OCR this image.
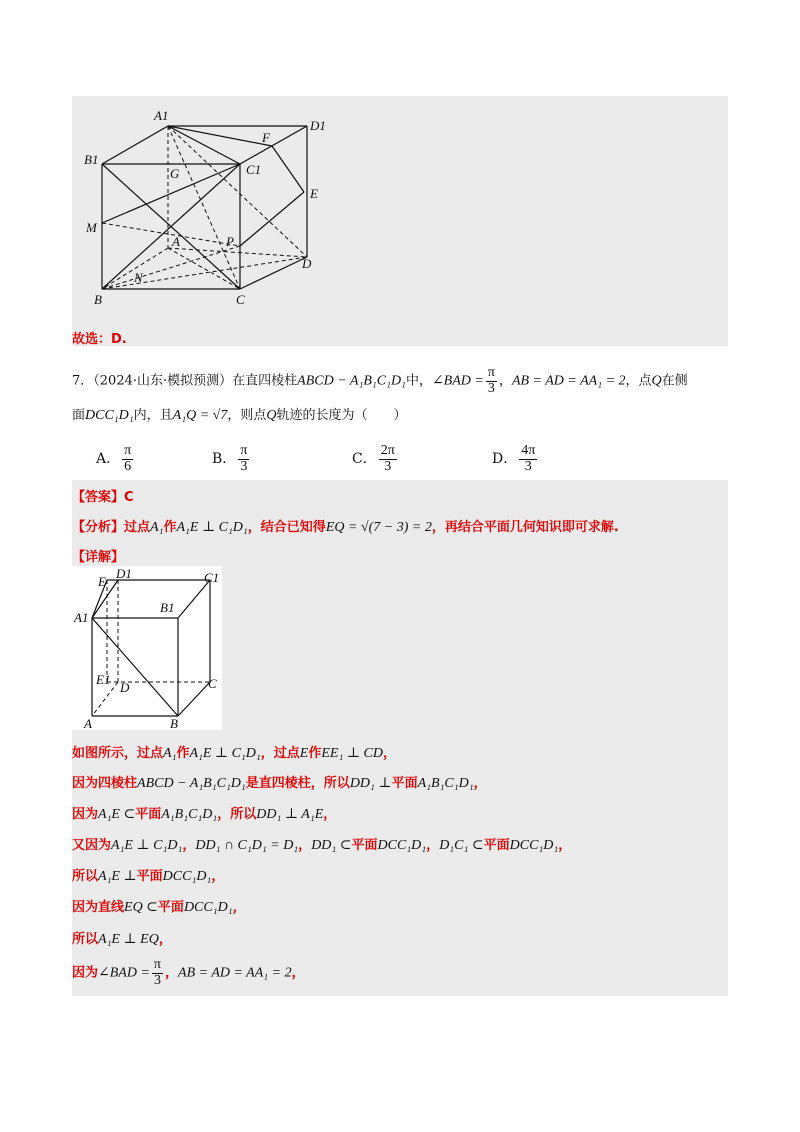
A1
D1
F
B1
C1
G
E
M
A	P
D
N
B	C
故选：D.
7．（2024·山东·模拟预测）在直四棱柱ABCD − A₁B₁C₁D₁中，∠BAD = $\frac{\pi}{3}$ ，AB = AD = AA₁ = 2，点Q在侧
面DCC₁D₁内，且A₁Q = √7，则点Q轨迹的长度为（　　）
A． $\frac{\pi}{6}$	B． $\frac{\pi}{3}$	C． $\frac{2\pi}{3}$	D． $\frac{4\pi}{3}$
【答案】C
【分析】过点A₁作A₁E ⊥ C₁D₁，结合已知得EQ = √(7 − 3) = 2，再结合平面几何知识即可求解.
【详解】
E
D1	C1
B1
A1
E1
D	C
A	B
如图所示，过点A₁作A₁E ⊥ C₁D₁，过点E作EE₁ ⊥ CD，
因为四棱柱ABCD − A₁B₁C₁D₁是直四棱柱，所以DD₁ ⊥平面A₁B₁C₁D₁，
因为A₁E ⊂平面A₁B₁C₁D₁，所以DD₁ ⊥ A₁E，
又因为A₁E ⊥ C₁D₁，DD₁ ∩ C₁D₁ = D₁，DD₁ ⊂平面DCC₁D₁，D₁C₁ ⊂平面DCC₁D₁，
所以A₁E ⊥平面DCC₁D₁，
因为直线EQ ⊂平面DCC₁D₁，
所以A₁E ⊥ EQ，
因为∠BAD = $\frac{\pi}{3}$ ，AB = AD = AA₁ = 2，
